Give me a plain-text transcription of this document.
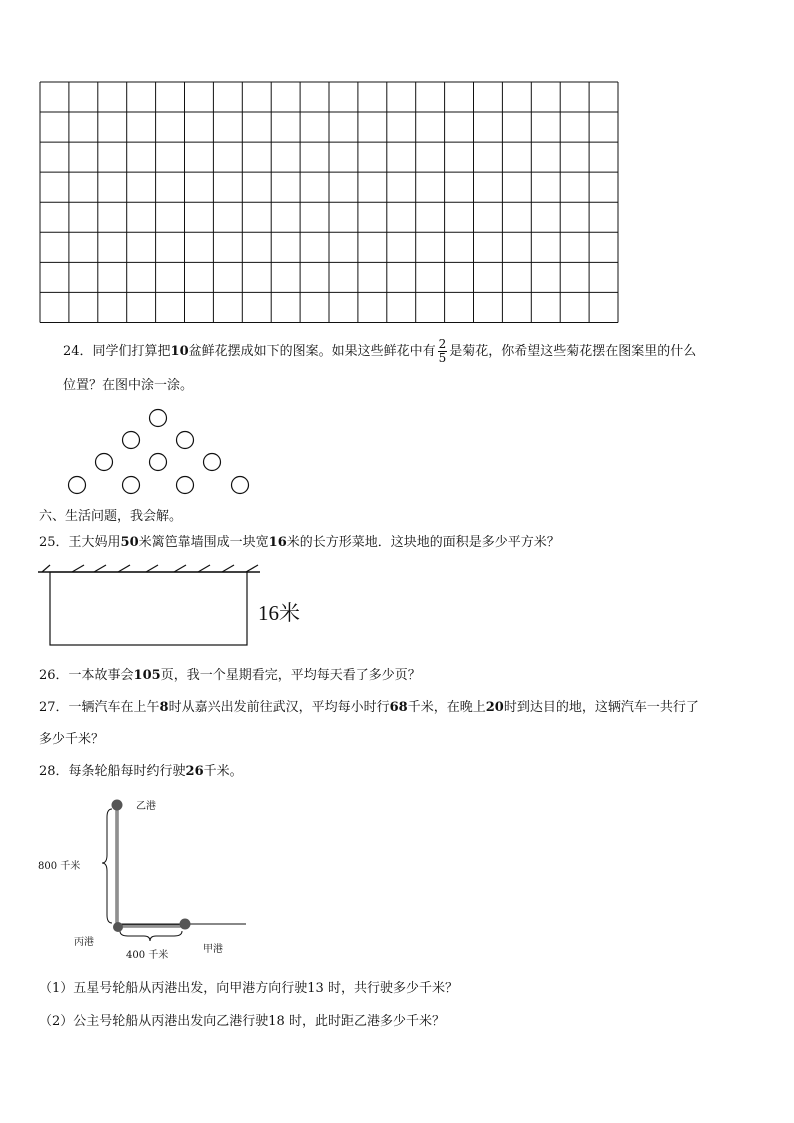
24．同学们打算把10盆鲜花摆成如下的图案。如果这些鲜花中有 $\frac{2}{5}$ 是菊花，你希望这些菊花摆在图案里的什么
位置？在图中涂一涂。
六、生活问题，我会解。
25．王大妈用50米篱笆靠墙围成一块宽16米的长方形菜地．这块地的面积是多少平方米？
16米
26．一本故事会105页，我一个星期看完，平均每天看了多少页？
27．一辆汽车在上午8时从嘉兴出发前往武汉，平均每小时行68千米，在晚上20时到达目的地，这辆汽车一共行了
多少千米？
28．每条轮船每时约行驶26千米。
乙港
800 千米
丙港
400 千米
甲港
（1）五星号轮船从丙港出发，向甲港方向行驶13 时，共行驶多少千米？
（2）公主号轮船从丙港出发向乙港行驶18 时，此时距乙港多少千米？
